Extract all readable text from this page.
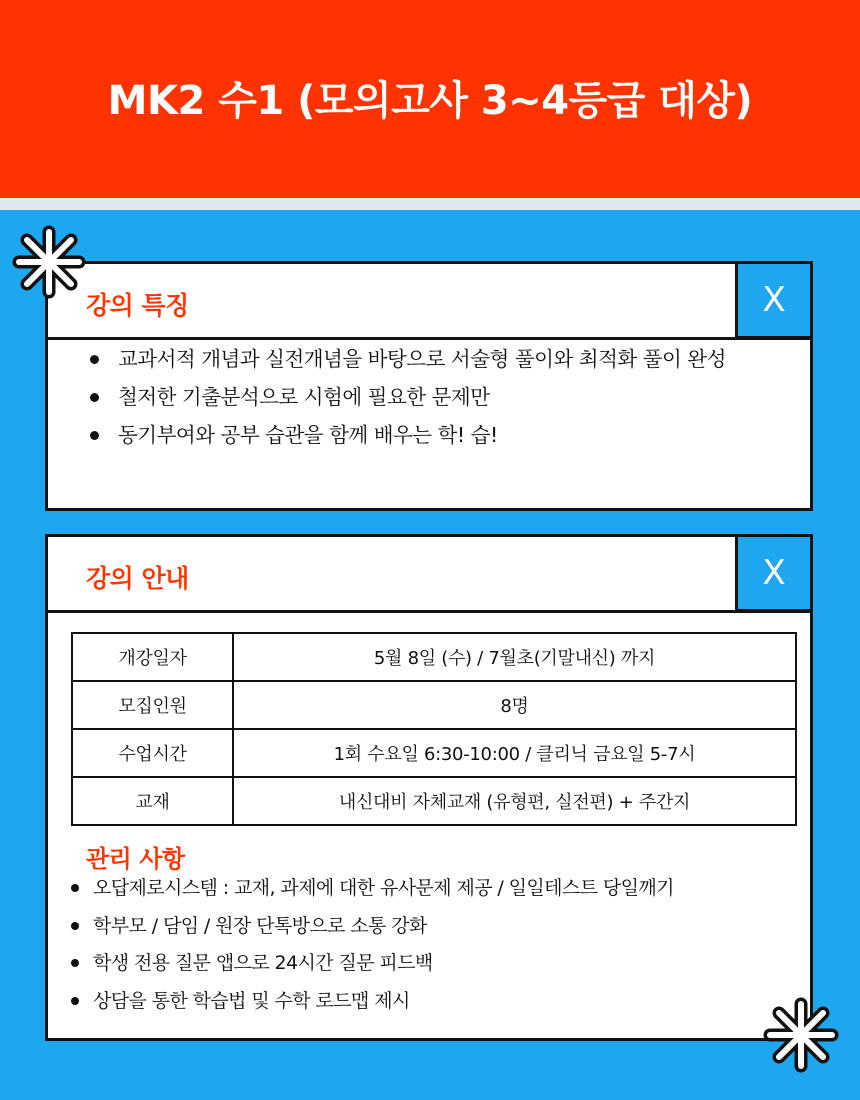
MK2 수1 (모의고사 3~4등급 대상)
강의 특징	X
교과서적 개념과 실전개념을 바탕으로 서술형 풀이와 최적화 풀이 완성
철저한 기출분석으로 시험에 필요한 문제만
동기부여와 공부 습관을 함께 배우는 학! 습!
강의 안내	X
개강일자	5월 8일 (수) / 7월초(기말내신) 까지
모집인원	8명
수업시간	1회 수요일 6:30-10:00 / 클리닉 금요일 5-7시
교재	내신대비 자체교재 (유형편, 실전편) + 주간지
관리 사항
오답제로시스템 : 교재, 과제에 대한 유사문제 제공 / 일일테스트 당일깨기
학부모 / 담임 / 원장 단톡방으로 소통 강화
학생 전용 질문 앱으로 24시간 질문 피드백
상담을 통한 학습법 및 수학 로드맵 제시
